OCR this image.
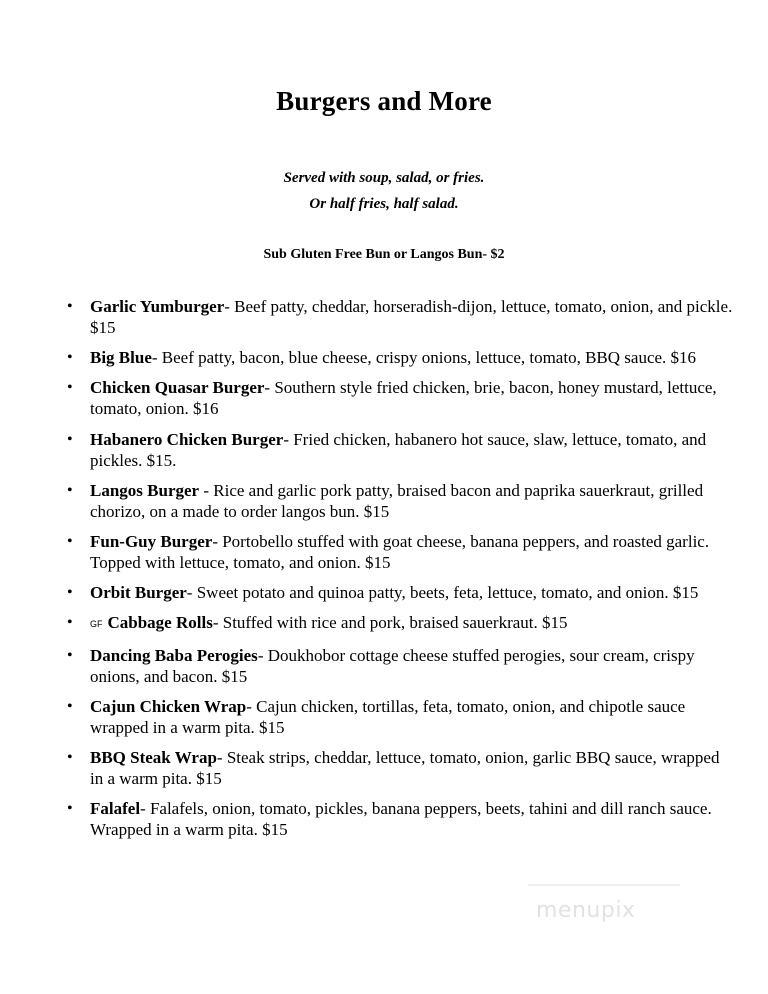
Burgers and More
Served with soup, salad, or fries.
Or half fries, half salad.
Sub Gluten Free Bun or Langos Bun- $2
• Garlic Yumburger- Beef patty, cheddar, horseradish-dijon, lettuce, tomato, onion, and pickle. $15
• Big Blue- Beef patty, bacon, blue cheese, crispy onions, lettuce, tomato, BBQ sauce. $16
• Chicken Quasar Burger- Southern style fried chicken, brie, bacon, honey mustard, lettuce, tomato, onion. $16
• Habanero Chicken Burger- Fried chicken, habanero hot sauce, slaw, lettuce, tomato, and pickles. $15.
• Langos Burger - Rice and garlic pork patty, braised bacon and paprika sauerkraut, grilled chorizo, on a made to order langos bun. $15
• Fun-Guy Burger- Portobello stuffed with goat cheese, banana peppers, and roasted garlic. Topped with lettuce, tomato, and onion. $15
• Orbit Burger- Sweet potato and quinoa patty, beets, feta, lettuce, tomato, and onion. $15
• GF Cabbage Rolls- Stuffed with rice and pork, braised sauerkraut. $15
• Dancing Baba Perogies- Doukhobor cottage cheese stuffed perogies, sour cream, crispy onions, and bacon. $15
• Cajun Chicken Wrap- Cajun chicken, tortillas, feta, tomato, onion, and chipotle sauce wrapped in a warm pita. $15
• BBQ Steak Wrap- Steak strips, cheddar, lettuce, tomato, onion, garlic BBQ sauce, wrapped in a warm pita. $15
• Falafel- Falafels, onion, tomato, pickles, banana peppers, beets, tahini and dill ranch sauce. Wrapped in a warm pita. $15
menupix
